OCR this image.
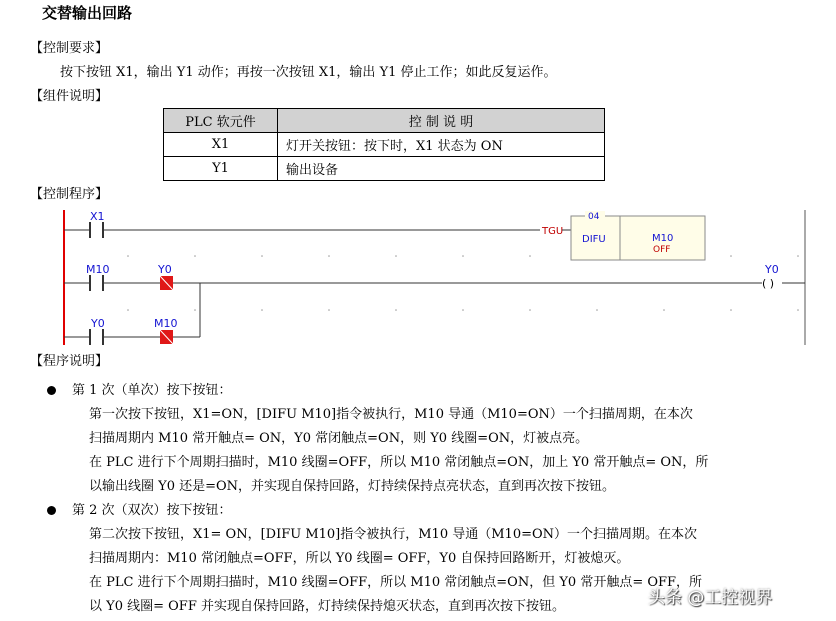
交替输出回路
【控制要求】
按下按钮 X1，输出 Y1 动作；再按一次按钮 X1，输出 Y1 停止工作；如此反复运作。
【组件说明】
PLC 软元件	控 制 说 明
X1	灯开关按钮：按下时，X1 状态为 ON
Y1	输出设备
【控制程序】
X1
TGU
04
DIFU	M10
OFF
M10	Y0
( )
Y0
Y0	M10
【程序说明】
第 1 次（单次）按下按钮：
第一次按下按钮，X1=ON，[DIFU M10]指令被执行，M10 导通（M10=ON）一个扫描周期，在本次
扫描周期内 M10 常开触点= ON，Y0 常闭触点=ON，则 Y0 线圈=ON，灯被点亮。
在 PLC 进行下个周期扫描时，M10 线圈=OFF，所以 M10 常闭触点=ON，加上 Y0 常开触点= ON，所
以输出线圈 Y0 还是=ON，并实现自保持回路，灯持续保持点亮状态，直到再次按下按钮。
第 2 次（双次）按下按钮：
第二次按下按钮，X1= ON，[DIFU M10]指令被执行，M10 导通（M10=ON）一个扫描周期。在本次
扫描周期内：M10 常闭触点=OFF，所以 Y0 线圈= OFF，Y0 自保持回路断开，灯被熄灭。
在 PLC 进行下个周期扫描时，M10 线圈=OFF，所以 M10 常闭触点=ON，但 Y0 常开触点= OFF，所
以 Y0 线圈= OFF 并实现自保持回路，灯持续保持熄灭状态，直到再次按下按钮。	头条 @工控视界
